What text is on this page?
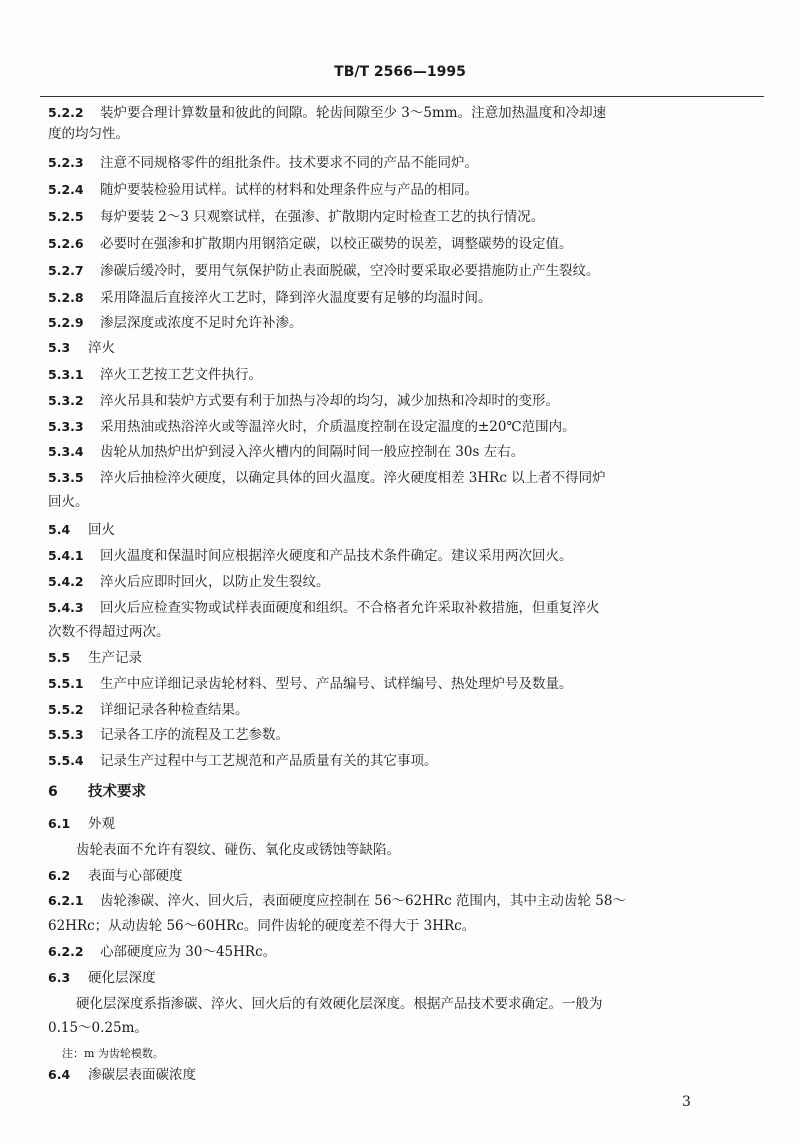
TB/T 2566—1995
5.2.2 装炉要合理计算数量和彼此的间隙。轮齿间隙至少 3～5mm。注意加热温度和冷却速
度的均匀性。
5.2.3 注意不同规格零件的组批条件。技术要求不同的产品不能同炉。
5.2.4 随炉要装检验用试样。试样的材料和处理条件应与产品的相同。
5.2.5 每炉要装 2～3 只观察试样，在强渗、扩散期内定时检查工艺的执行情况。
5.2.6 必要时在强渗和扩散期内用钢箔定碳，以校正碳势的误差，调整碳势的设定值。
5.2.7 渗碳后缓冷时，要用气氛保护防止表面脱碳，空冷时要采取必要措施防止产生裂纹。
5.2.8 采用降温后直接淬火工艺时，降到淬火温度要有足够的均温时间。
5.2.9 渗层深度或浓度不足时允许补渗。
5.3 淬火
5.3.1 淬火工艺按工艺文件执行。
5.3.2 淬火吊具和装炉方式要有利于加热与冷却的均匀，减少加热和冷却时的变形。
5.3.3 采用热油或热浴淬火或等温淬火时，介质温度控制在设定温度的±20℃范围内。
5.3.4 齿轮从加热炉出炉到浸入淬火槽内的间隔时间一般应控制在 30s 左右。
5.3.5 淬火后抽检淬火硬度，以确定具体的回火温度。淬火硬度相差 3HRc 以上者不得同炉
回火。
5.4 回火
5.4.1 回火温度和保温时间应根据淬火硬度和产品技术条件确定。建议采用两次回火。
5.4.2 淬火后应即时回火，以防止发生裂纹。
5.4.3 回火后应检查实物或试样表面硬度和组织。不合格者允许采取补救措施，但重复淬火
次数不得超过两次。
5.5 生产记录
5.5.1 生产中应详细记录齿轮材料、型号、产品编号、试样编号、热处理炉号及数量。
5.5.2 详细记录各种检查结果。
5.5.3 记录各工序的流程及工艺参数。
5.5.4 记录生产过程中与工艺规范和产品质量有关的其它事项。
6 技术要求
6.1 外观
齿轮表面不允许有裂纹、碰伤、氧化皮或锈蚀等缺陷。
6.2 表面与心部硬度
6.2.1 齿轮渗碳、淬火、回火后，表面硬度应控制在 56～62HRc 范围内，其中主动齿轮 58～
62HRc；从动齿轮 56～60HRc。同件齿轮的硬度差不得大于 3HRc。
6.2.2 心部硬度应为 30～45HRc。
6.3 硬化层深度
硬化层深度系指渗碳、淬火、回火后的有效硬化层深度。根据产品技术要求确定。一般为
0.15～0.25m。
注：m 为齿轮模数。
6.4 渗碳层表面碳浓度
3
